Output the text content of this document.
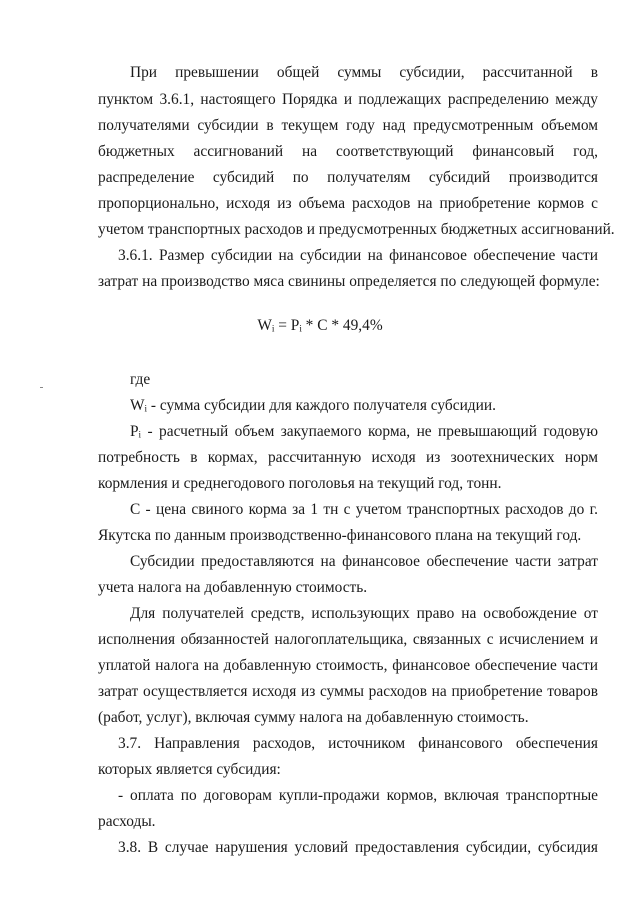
При превышении общей суммы субсидии, рассчитанной в
пунктом 3.6.1, настоящего Порядка и подлежащих распределению между
получателями субсидии в текущем году над предусмотренным объемом
бюджетных ассигнований на соответствующий финансовый год,
распределение субсидий по получателям субсидий производится
пропорционально, исходя из объема расходов на приобретение кормов с
учетом транспортных расходов и предусмотренных бюджетных ассигнований.
3.6.1. Размер субсидии на субсидии на финансовое обеспечение части
затрат на производство мяса свинины определяется по следующей формуле:
Wᵢ = Pᵢ * C * 49,4%
где
Wᵢ - сумма субсидии для каждого получателя субсидии.
Pᵢ - расчетный объем закупаемого корма, не превышающий годовую
потребность в кормах, рассчитанную исходя из зоотехнических норм
кормления и среднегодового поголовья на текущий год, тонн.
С - цена свиного корма за 1 тн с учетом транспортных расходов до г.
Якутска по данным производственно-финансового плана на текущий год.
Субсидии предоставляются на финансовое обеспечение части затрат
учета налога на добавленную стоимость.
Для получателей средств, использующих право на освобождение от
исполнения обязанностей налогоплательщика, связанных с исчислением и
уплатой налога на добавленную стоимость, финансовое обеспечение части
затрат осуществляется исходя из суммы расходов на приобретение товаров
(работ, услуг), включая сумму налога на добавленную стоимость.
3.7. Направления расходов, источником финансового обеспечения
которых является субсидия:
- оплата по договорам купли-продажи кормов, включая транспортные
расходы.
3.8. В случае нарушения условий предоставления субсидии, субсидия
